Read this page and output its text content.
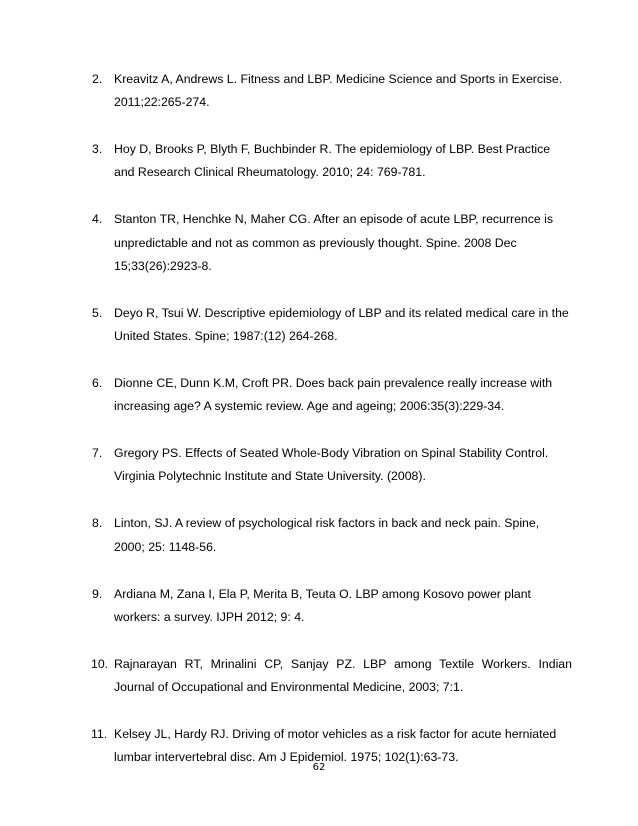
2. Kreavitz A, Andrews L. Fitness and LBP. Medicine Science and Sports in Exercise. 2011;22:265-274.
3. Hoy D, Brooks P, Blyth F, Buchbinder R. The epidemiology of LBP. Best Practice and Research Clinical Rheumatology. 2010; 24: 769-781.
4. Stanton TR, Henchke N, Maher CG. After an episode of acute LBP, recurrence is unpredictable and not as common as previously thought. Spine. 2008 Dec 15;33(26):2923-8.
5. Deyo R, Tsui W. Descriptive epidemiology of LBP and its related medical care in the United States. Spine; 1987:(12) 264-268.
6. Dionne CE, Dunn K.M, Croft PR. Does back pain prevalence really increase with increasing age? A systemic review. Age and ageing; 2006:35(3):229-34.
7. Gregory PS. Effects of Seated Whole-Body Vibration on Spinal Stability Control. Virginia Polytechnic Institute and State University. (2008).
8. Linton, SJ. A review of psychological risk factors in back and neck pain. Spine, 2000; 25: 1148-56.
9. Ardiana M, Zana I, Ela P, Merita B, Teuta O. LBP among Kosovo power plant workers: a survey. IJPH 2012; 9: 4.
10. Rajnarayan RT, Mrinalini CP, Sanjay PZ. LBP among Textile Workers. Indian Journal of Occupational and Environmental Medicine, 2003; 7:1.
11. Kelsey JL, Hardy RJ. Driving of motor vehicles as a risk factor for acute herniated lumbar intervertebral disc. Am J Epidemiol. 1975; 102(1):63-73.
62
